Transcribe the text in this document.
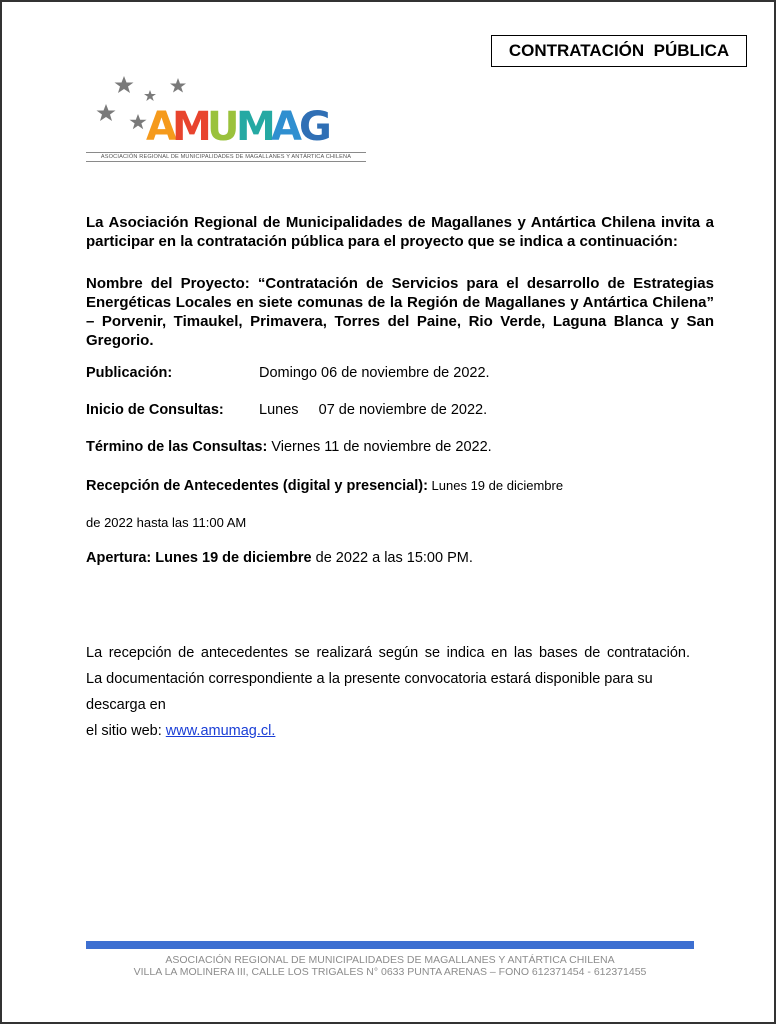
CONTRATACIÓN  PÚBLICA
A
M
U
M
A
G
ASOCIACIÓN REGIONAL DE MUNICIPALIDADES DE MAGALLANES Y ANTÁRTICA CHILENA
La Asociación Regional de Municipalidades de Magallanes y Antártica Chilena invita a participar en la contratación pública para el proyecto que se indica a continuación:
Nombre del Proyecto: “Contratación de Servicios para el desarrollo de Estrategias Energéticas Locales en siete comunas de la Región de Magallanes y Antártica Chilena” – Porvenir, Timaukel, Primavera, Torres del Paine, Rio Verde, Laguna Blanca y San Gregorio.
Publicación:	Domingo 06 de noviembre de 2022.
Inicio de Consultas: Lunes     07 de noviembre de 2022.
Término de las Consultas: Viernes 11 de noviembre de 2022.
Recepción de Antecedentes (digital y presencial): Lunes 19 de diciembre
de 2022 hasta las 11:00 AM
Apertura: Lunes 19 de diciembre de 2022 a las 15:00 PM.
La recepción de antecedentes se realizará según se indica en las bases de contratación.
La documentación correspondiente a la presente convocatoria estará disponible para su descarga en
el sitio web: www.amumag.cl.
ASOCIACIÓN REGIONAL DE MUNICIPALIDADES DE MAGALLANES Y ANTÁRTICA CHILENA
VILLA LA MOLINERA III, CALLE LOS TRIGALES N° 0633 PUNTA ARENAS – FONO 612371454 - 612371455
